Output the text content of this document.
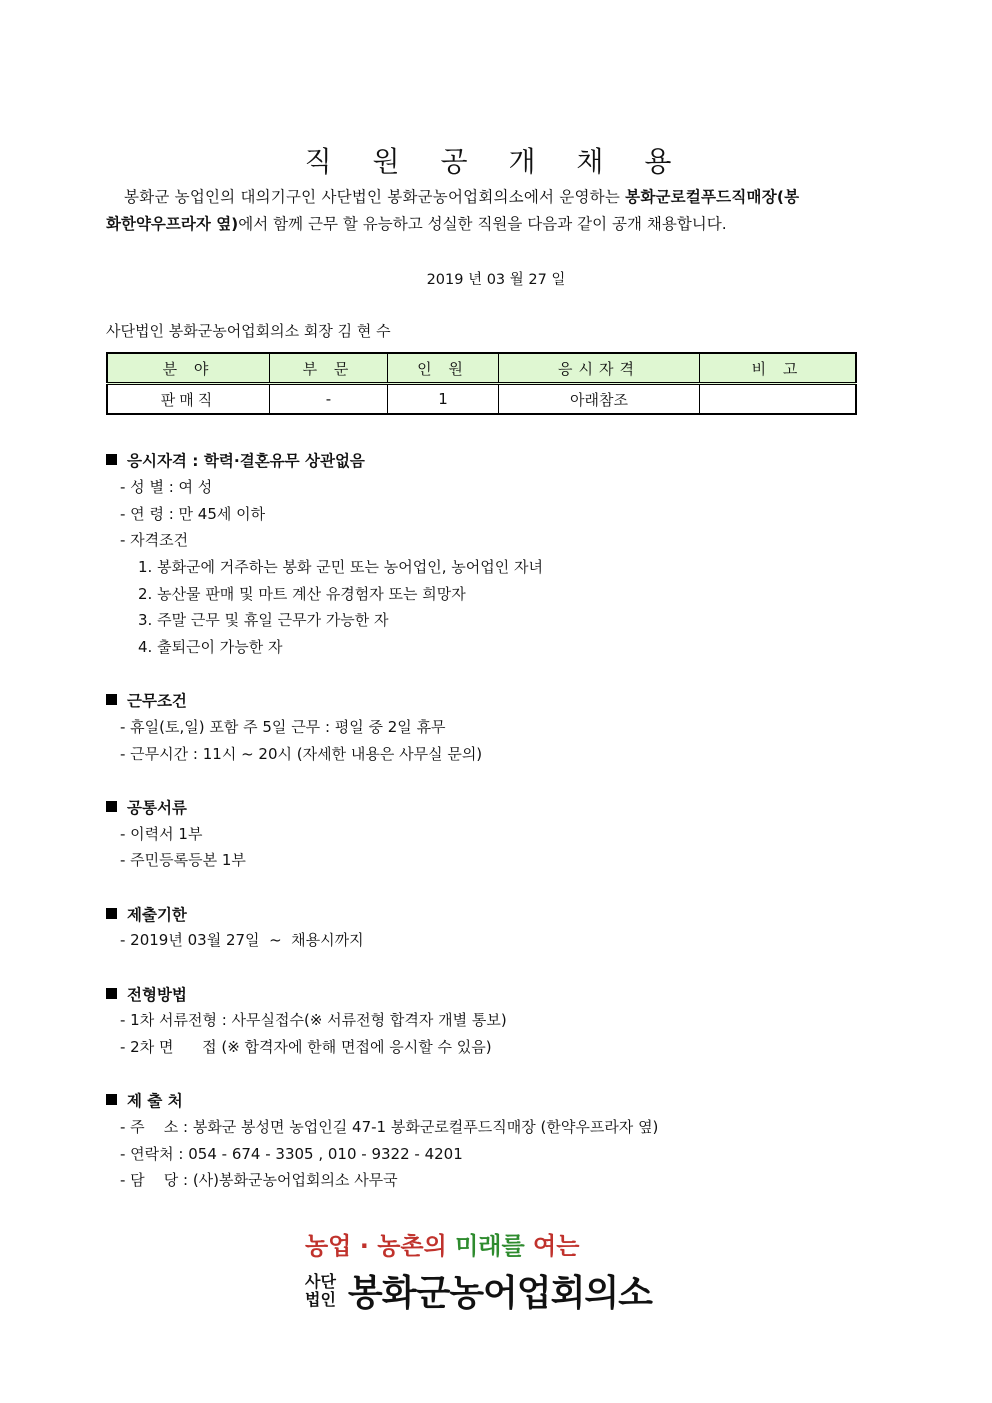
직 원 공 개 채 용
봉화군 농업인의 대의기구인 사단법인 봉화군농어업회의소에서 운영하는 봉화군로컬푸드직매장(봉
화한약우프라자 옆)에서 함께 근무 할 유능하고 성실한 직원을 다음과 같이 공개 채용합니다.
2019 년 03 월 27 일
사단법인 봉화군농어업회의소 회장 김 현 수
분 야	부 문	인 원	응시자격	비 고
판매직	-	1	아래참조	
응시자격 : 학력·결혼유무 상관없음
- 성 별 : 여 성
- 연 령 : 만 45세 이하
- 자격조건
1. 봉화군에 거주하는 봉화 군민 또는 농어업인, 농어업인 자녀
2. 농산물 판매 및 마트 계산 유경험자 또는 희망자
3. 주말 근무 및 휴일 근무가 가능한 자
4. 출퇴근이 가능한 자
근무조건
- 휴일(토,일) 포함 주 5일 근무 : 평일 중 2일 휴무
- 근무시간 : 11시 ~ 20시 (자세한 내용은 사무실 문의)
공통서류
- 이력서 1부
- 주민등록등본 1부
제출기한
- 2019년 03월 27일  ~  채용시까지
전형방법
- 1차 서류전형 : 사무실접수(※ 서류전형 합격자 개별 통보)
- 2차 면      접 (※ 합격자에 한해 면접에 응시할 수 있음)
제 출 처
- 주    소 : 봉화군 봉성면 농업인길 47-1 봉화군로컬푸드직매장 (한약우프라자 옆)
- 연락처 : 054 - 674 - 3305 , 010 - 9322 - 4201
- 담    당 : (사)봉화군농어업회의소 사무국
농업 · 농촌의 미래를 여는
사단
법인 봉화군농어업회의소
